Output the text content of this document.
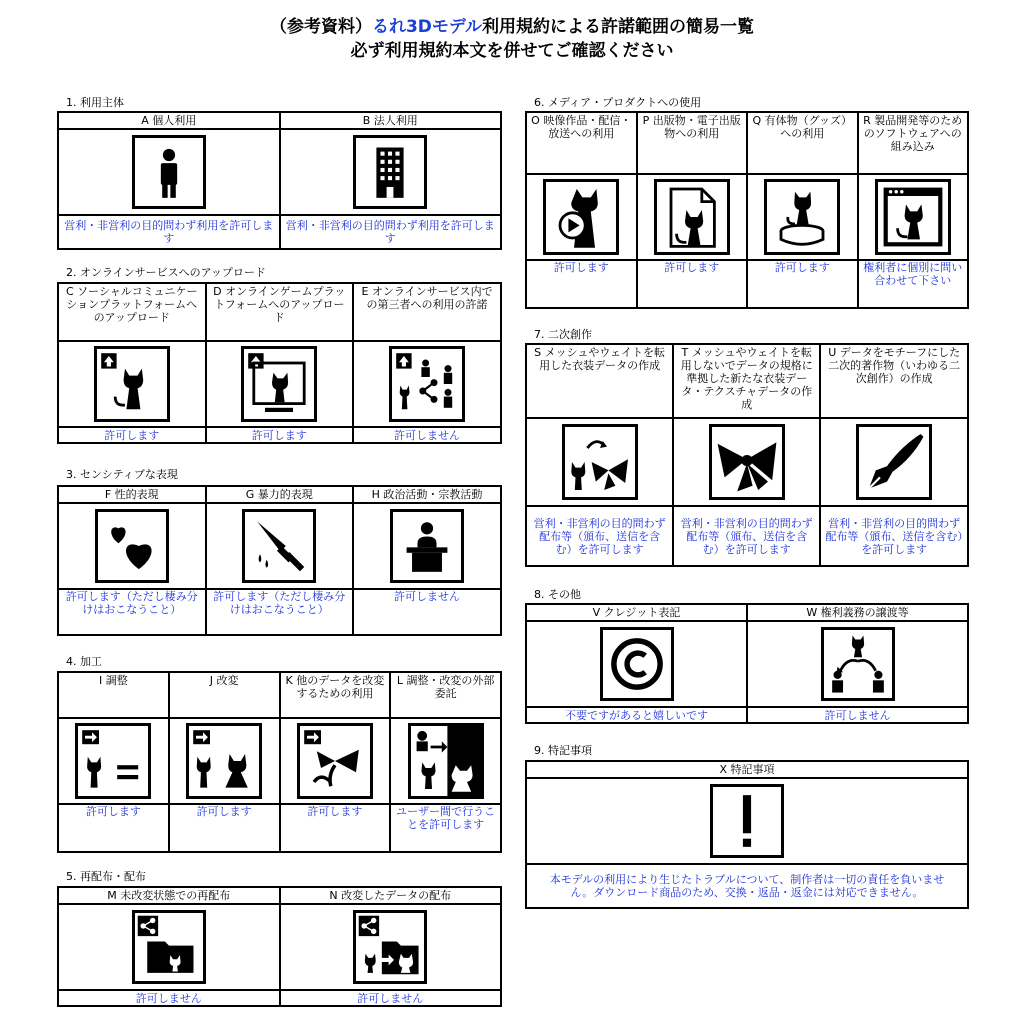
（参考資料）るれ3Dモデル利用規約による許諾範囲の簡易一覧
必ず利用規約本文を併せてご確認ください
1. 利用主体
A 個人利用	B 法人利用

営利・非営利の目的問わず利用を許可します	営利・非営利の目的問わず利用を許可します
2. オンラインサービスへのアップロード
C ソーシャルコミュニケーションプラットフォームへのアップロード	D オンラインゲームプラットフォームへのアップロード	E オンラインサービス内での第三者への利用の許諾

許可します	許可します	許可しません
3. センシティブな表現
F 性的表現	G 暴力的表現	H 政治活動・宗教活動

許可します（ただし棲み分けはおこなうこと）	許可します（ただし棲み分けはおこなうこと）	許可しません
4. 加工
I 調整	J 改変	K 他のデータを改変するための利用	L 調整・改変の外部委託

許可します	許可します	許可します	ユーザー間で行うことを許可します
5. 再配布・配布
M 未改変状態での再配布	N 改変したデータの配布

許可しません	許可しません
6. メディア・プロダクトへの使用
O 映像作品・配信・放送への利用	P 出版物・電子出版物への利用	Q 有体物（グッズ）への利用	R 製品開発等のためのソフトウェアへの組み込み

許可します	許可します	許可します	権利者に個別に問い合わせて下さい
7. 二次創作
S メッシュやウェイトを転用した衣装データの作成	T メッシュやウェイトを転用しないでデータの規格に準拠した新たな衣装データ・テクスチャデータの作成	U データをモチーフにした二次的著作物（いわゆる二次創作）の作成

営利・非営利の目的問わず配布等（頒布、送信を含む）を許可します	営利・非営利の目的問わず配布等（頒布、送信を含む）を許可します	営利・非営利の目的問わず配布等（頒布、送信を含む）を許可します
8. その他
V クレジット表記	W 権利義務の譲渡等

不要ですがあると嬉しいです	許可しません
9. 特記事項
X 特記事項

本モデルの利用により生じたトラブルについて、制作者は一切の責任を負いません。ダウンロード商品のため、交換・返品・返金には対応できません。
